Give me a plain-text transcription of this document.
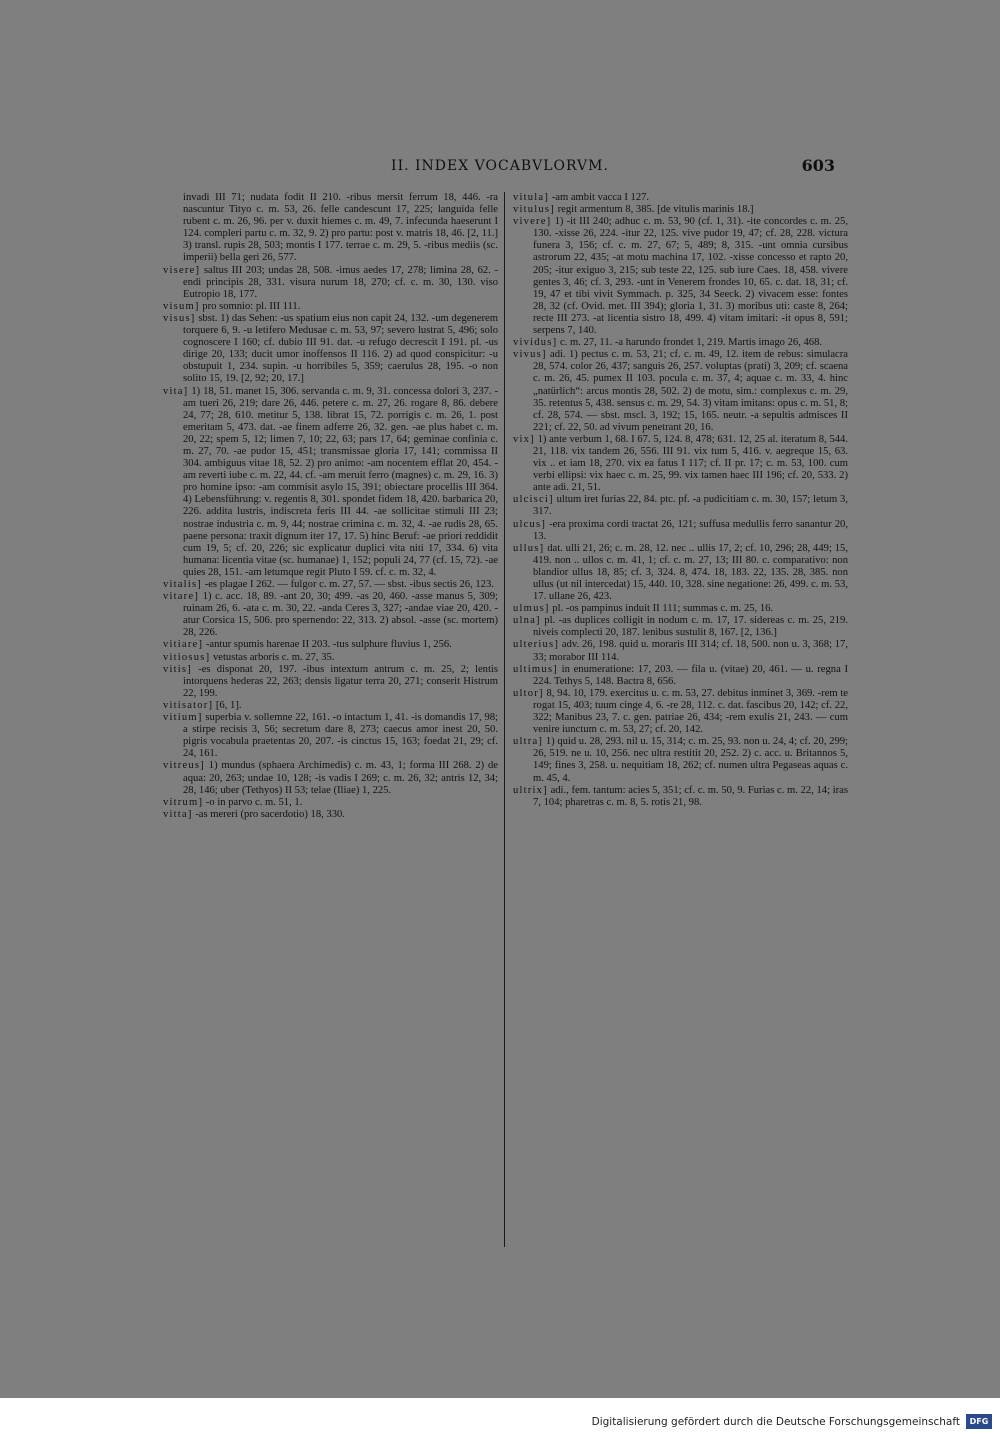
II. INDEX VOCABVLORVM.	603
invadi III 71; nudata fodit II 210. -ribus mersit ferrum 18, 446. -ra nascuntur Tityo c. m. 53, 26. felle candescunt 17, 225; languida felle rubent c. m. 26, 96. per v. duxit hiemes c. m. 49, 7. infecunda haeserunt I 124. compleri partu c. m. 32, 9. 2) pro partu: post v. matris 18, 46. [2, 11.] 3) transl. rupis 28, 503; montis I 177. terrae c. m. 29, 5. -ribus mediis (sc. imperii) bella geri 26, 577.
visere] saltus III 203; undas 28, 508. -imus aedes 17, 278; limina 28, 62. -endi principis 28, 331. visura nurum 18, 270; cf. c. m. 30, 130. viso Eutropio 18, 177.
visum] pro somnio: pl. III 111.
visus] sbst. 1) das Sehen: -us spatium eius non capit 24, 132. -um degenerem torquere 6, 9. -u letifero Medusae c. m. 53, 97; severo lustrat 5, 496; solo cognoscere I 160; cf. dubio III 91. dat. -u refugo decrescit I 191. pl. -us dirige 20, 133; ducit umor inoffensos II 116. 2) ad quod conspicitur: -u obstupuit 1, 234. supin. -u horribiles 5, 359; caerulus 28, 195. -o non solito 15, 19. [2, 92; 20, 17.]
vita] 1) 18, 51. manet 15, 306. servanda c. m. 9, 31. concessa dolori 3, 237. -am tueri 26, 219; dare 26, 446. petere c. m. 27, 26. rogare 8, 86. debere 24, 77; 28, 610. metitur 5, 138. librat 15, 72. porrigis c. m. 26, 1. post emeritam 5, 473. dat. -ae finem adferre 26, 32. gen. -ae plus habet c. m. 20, 22; spem 5, 12; limen 7, 10; 22, 63; pars 17, 64; geminae confinia c. m. 27, 70. -ae pudor 15, 451; transmissae gloria 17, 141; commissa II 304. ambiguus vitae 18, 52. 2) pro animo: -am nocentem efflat 20, 454. -am reverti iube c. m. 22, 44. cf. -am meruit ferro (magnes) c. m. 29, 16. 3) pro homine ipso: -am commisit asylo 15, 391; obiectare procellis III 364. 4) Lebensführung: v. regentis 8, 301. spondet fidem 18, 420. barbarica 20, 226. addita lustris, indiscreta feris III 44. -ae sollicitae stimuli III 23; nostrae industria c. m. 9, 44; nostrae crimina c. m. 32, 4. -ae rudis 28, 65. paene persona: traxit dignum iter 17, 17. 5) hinc Beruf: -ae priori reddidit cum 19, 5; cf. 20, 226; sic explicatur duplici vita niti 17, 334. 6) vita humana: licentia vitae (sc. humanae) 1, 152; populi 24, 77 (cf. 15, 72). -ae quies 28, 151. -am letumque regit Pluto I 59. cf. c. m. 32, 4.
vitalis] -es plagae I 262. — fulgor c. m. 27, 57. — sbst. -ibus sectis 26, 123.
vitare] 1) c. acc. 18, 89. -ant 20, 30; 499. -as 20, 460. -asse manus 5, 309; ruinam 26, 6. -ata c. m. 30, 22. -anda Ceres 3, 327; -andae viae 20, 420. -atur Corsica 15, 506. pro spernendo: 22, 313. 2) absol. -asse (sc. mortem) 28, 226.
vitiare] -antur spumis harenae II 203. -tus sulphure fluvius 1, 256.
vitiosus] vetustas arboris c. m. 27, 35.
vitis] -es disponat 20, 197. -ibus intextum antrum c. m. 25, 2; lentis intorquens hederas 22, 263; densis ligatur terra 20, 271; conserit Histrum 22, 199.
vitisator] [6, 1].
vitium] superbia v. sollemne 22, 161. -o intactum 1, 41. -is domandis 17, 98; a stirpe recisis 3, 56; secretum dare 8, 273; caecus amor inest 20, 50. pigris vocabula praetentas 20, 207. -is cinctus 15, 163; foedat 21, 29; cf. 24, 161.
vitreus] 1) mundus (sphaera Archimedis) c. m. 43, 1; forma III 268. 2) de aqua: 20, 263; undae 10, 128; -is vadis I 269; c. m. 26, 32; antris 12, 34; 28, 146; uber (Tethyos) II 53; telae (Iliae) 1, 225.
vitrum] -o in parvo c. m. 51, 1.
vitta] -as mereri (pro sacerdotio) 18, 330.
vitula] -am ambit vacca I 127.
vitulus] regit armentum 8, 385. [de vitulis marinis 18.]
vivere] 1) -it III 240; adhuc c. m. 53, 90 (cf. 1, 31). -ite concordes c. m. 25, 130. -xisse 26, 224. -itur 22, 125. vive pudor 19, 47; cf. 28, 228. victura funera 3, 156; cf. c. m. 27, 67; 5, 489; 8, 315. -unt omnia cursibus astrorum 22, 435; -at motu machina 17, 102. -xisse concesso et rapto 20, 205; -itur exiguo 3, 215; sub teste 22, 125. sub iure Caes. 18, 458. vivere gentes 3, 46; cf. 3, 293. -unt in Venerem frondes 10, 65. c. dat. 18, 31; cf. 19, 47 et tibi vivit Symmach. p. 325, 34 Seeck. 2) vivacem esse: fontes 28, 32 (cf. Ovid. met. III 394); gloria 1, 31. 3) moribus uti: caste 8, 264; recte III 273. -at licentia sistro 18, 499. 4) vitam imitari: -it opus 8, 591; serpens 7, 140.
vividus] c. m. 27, 11. -a harundo frondet 1, 219. Martis imago 26, 468.
vivus] adi. 1) pectus c. m. 53, 21; cf. c. m. 49, 12. item de rebus: simulacra 28, 574. color 26, 437; sanguis 26, 257. voluptas (prati) 3, 209; cf. scaena c. m. 26, 45. pumex II 103. pocula c. m. 37, 4; aquae c. m. 33, 4. hinc „natürlich“: arcus montis 28, 502. 2) de motu, sim.: complexus c. m. 29, 35. retentus 5, 438. sensus c. m. 29, 54. 3) vitam imitans: opus c. m. 51, 8; cf. 28, 574. — sbst. mscl. 3, 192; 15, 165. neutr. -a sepultis admisces II 221; cf. 22, 50. ad vivum penetrant 20, 16.
vix] 1) ante verbum 1, 68. I 67. 5, 124. 8, 478; 631. 12, 25 al. iteratum 8, 544. 21, 118. vix tandem 26, 556. III 91. vix tum 5, 416. v. aegreque 15, 63. vix .. et iam 18, 270. vix ea fatus I 117; cf. II pr. 17; c. m. 53, 100. cum verbi ellipsi: vix haec c. m. 25, 99. vix tamen haec III 196; cf. 20, 533. 2) ante adi. 21, 51.
ulcisci] ultum iret furias 22, 84. ptc. pf. -a pudicitiam c. m. 30, 157; letum 3, 317.
ulcus] -era proxima cordi tractat 26, 121; suffusa medullis ferro sanantur 20, 13.
ullus] dat. ulli 21, 26; c. m. 28, 12. nec .. ullis 17, 2; cf. 10, 296; 28, 449; 15, 419. non .. ullos c. m. 41, 1; cf. c. m. 27, 13; III 80. c. comparativo: non blandior ullus 18, 85; cf. 3, 324. 8, 474. 18, 183. 22, 135. 28, 385. non ullus (ut nil intercedat) 15, 440. 10, 328. sine negatione: 26, 499. c. m. 53, 17. ullane 26, 423.
ulmus] pl. -os pampinus induit II 111; summas c. m. 25, 16.
ulna] pl. -as duplices colligit in nodum c. m. 17, 17. sidereas c. m. 25, 219. niveis complecti 20, 187. lenibus sustulit 8, 167. [2, 136.]
ulterius] adv. 26, 198. quid u. moraris III 314; cf. 18, 500. non u. 3, 368; 17, 33; morabor III 114.
ultimus] in enumeratione: 17, 203. — fila u. (vitae) 20, 461. — u. regna I 224. Tethys 5, 148. Bactra 8, 656.
ultor] 8, 94. 10, 179. exercitus u. c. m. 53, 27. debitus inminet 3, 369. -rem te rogat 15, 403; tuum cinge 4, 6. -re 28, 112. c. dat. fascibus 20, 142; cf. 22, 322; Manibus 23, 7. c. gen. patriae 26, 434; -rem exulis 21, 243. — cum venire iunctum c. m. 53, 27; cf. 20, 142.
ultra] 1) quid u. 28, 293. nil u. 15, 314; c. m. 25, 93. non u. 24, 4; cf. 20, 299; 26, 519. ne u. 10, 256. nec ultra restitit 20, 252. 2) c. acc. u. Britannos 5, 149; fines 3, 258. u. nequitiam 18, 262; cf. numen ultra Pegaseas aquas c. m. 45, 4.
ultrix] adi., fem. tantum: acies 5, 351; cf. c. m. 50, 9. Furias c. m. 22, 14; iras 7, 104; pharetras c. m. 8, 5. rotis 21, 98.
Digitalisierung gefördert durch die Deutsche Forschungsgemeinschaft	DFG
